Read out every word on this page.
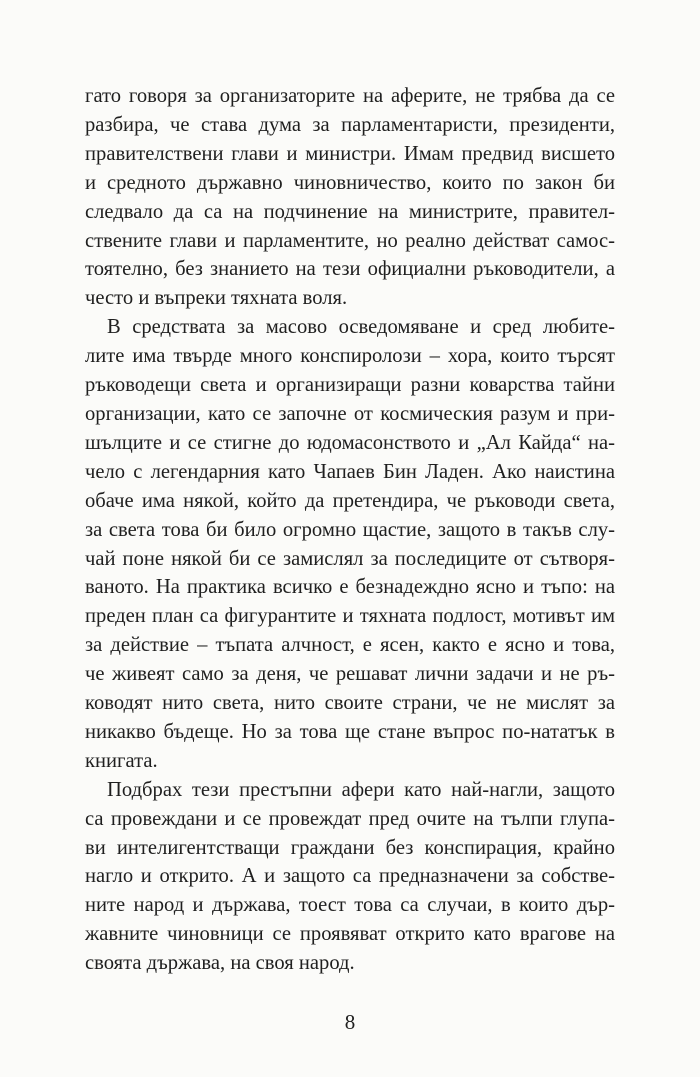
гато говоря за организаторите на аферите, не трябва да се
разбира, че става дума за парламентаристи, президенти,
правителствени глави и министри. Имам предвид висшето
и средното държавно чиновничество, които по закон би
следвало да са на подчинение на министрите, правител-
ствените глави и парламентите, но реално действат самос-
тоятелно, без знанието на тези официални ръководители, а
често и въпреки тяхната воля.
В средствата за масово осведомяване и сред любите-
лите има твърде много конспиролози – хора, които търсят
ръководещи света и организиращи разни коварства тайни
организации, като се започне от космическия разум и при-
шълците и се стигне до юдомасонството и „Ал Кайда“ на-
чело с легендарния като Чапаев Бин Ладен. Ако наистина
обаче има някой, който да претендира, че ръководи света,
за света това би било огромно щастие, защото в такъв слу-
чай поне някой би се замислял за последиците от сътворя-
ваното. На практика всичко е безнадеждно ясно и тъпо: на
преден план са фигурантите и тяхната подлост, мотивът им
за действие – тъпата алчност, е ясен, както е ясно и това,
че живеят само за деня, че решават лични задачи и не ръ-
ководят нито света, нито своите страни, че не мислят за
никакво бъдеще. Но за това ще стане въпрос по-нататък в
книгата.
Подбрах тези престъпни афери като най-нагли, защото
са провеждани и се провеждат пред очите на тълпи глупа-
ви интелигентстващи граждани без конспирация, крайно
нагло и открито. А и защото са предназначени за собстве-
ните народ и държава, тоест това са случаи, в които дър-
жавните чиновници се проявяват открито като врагове на
своята държава, на своя народ.
8
